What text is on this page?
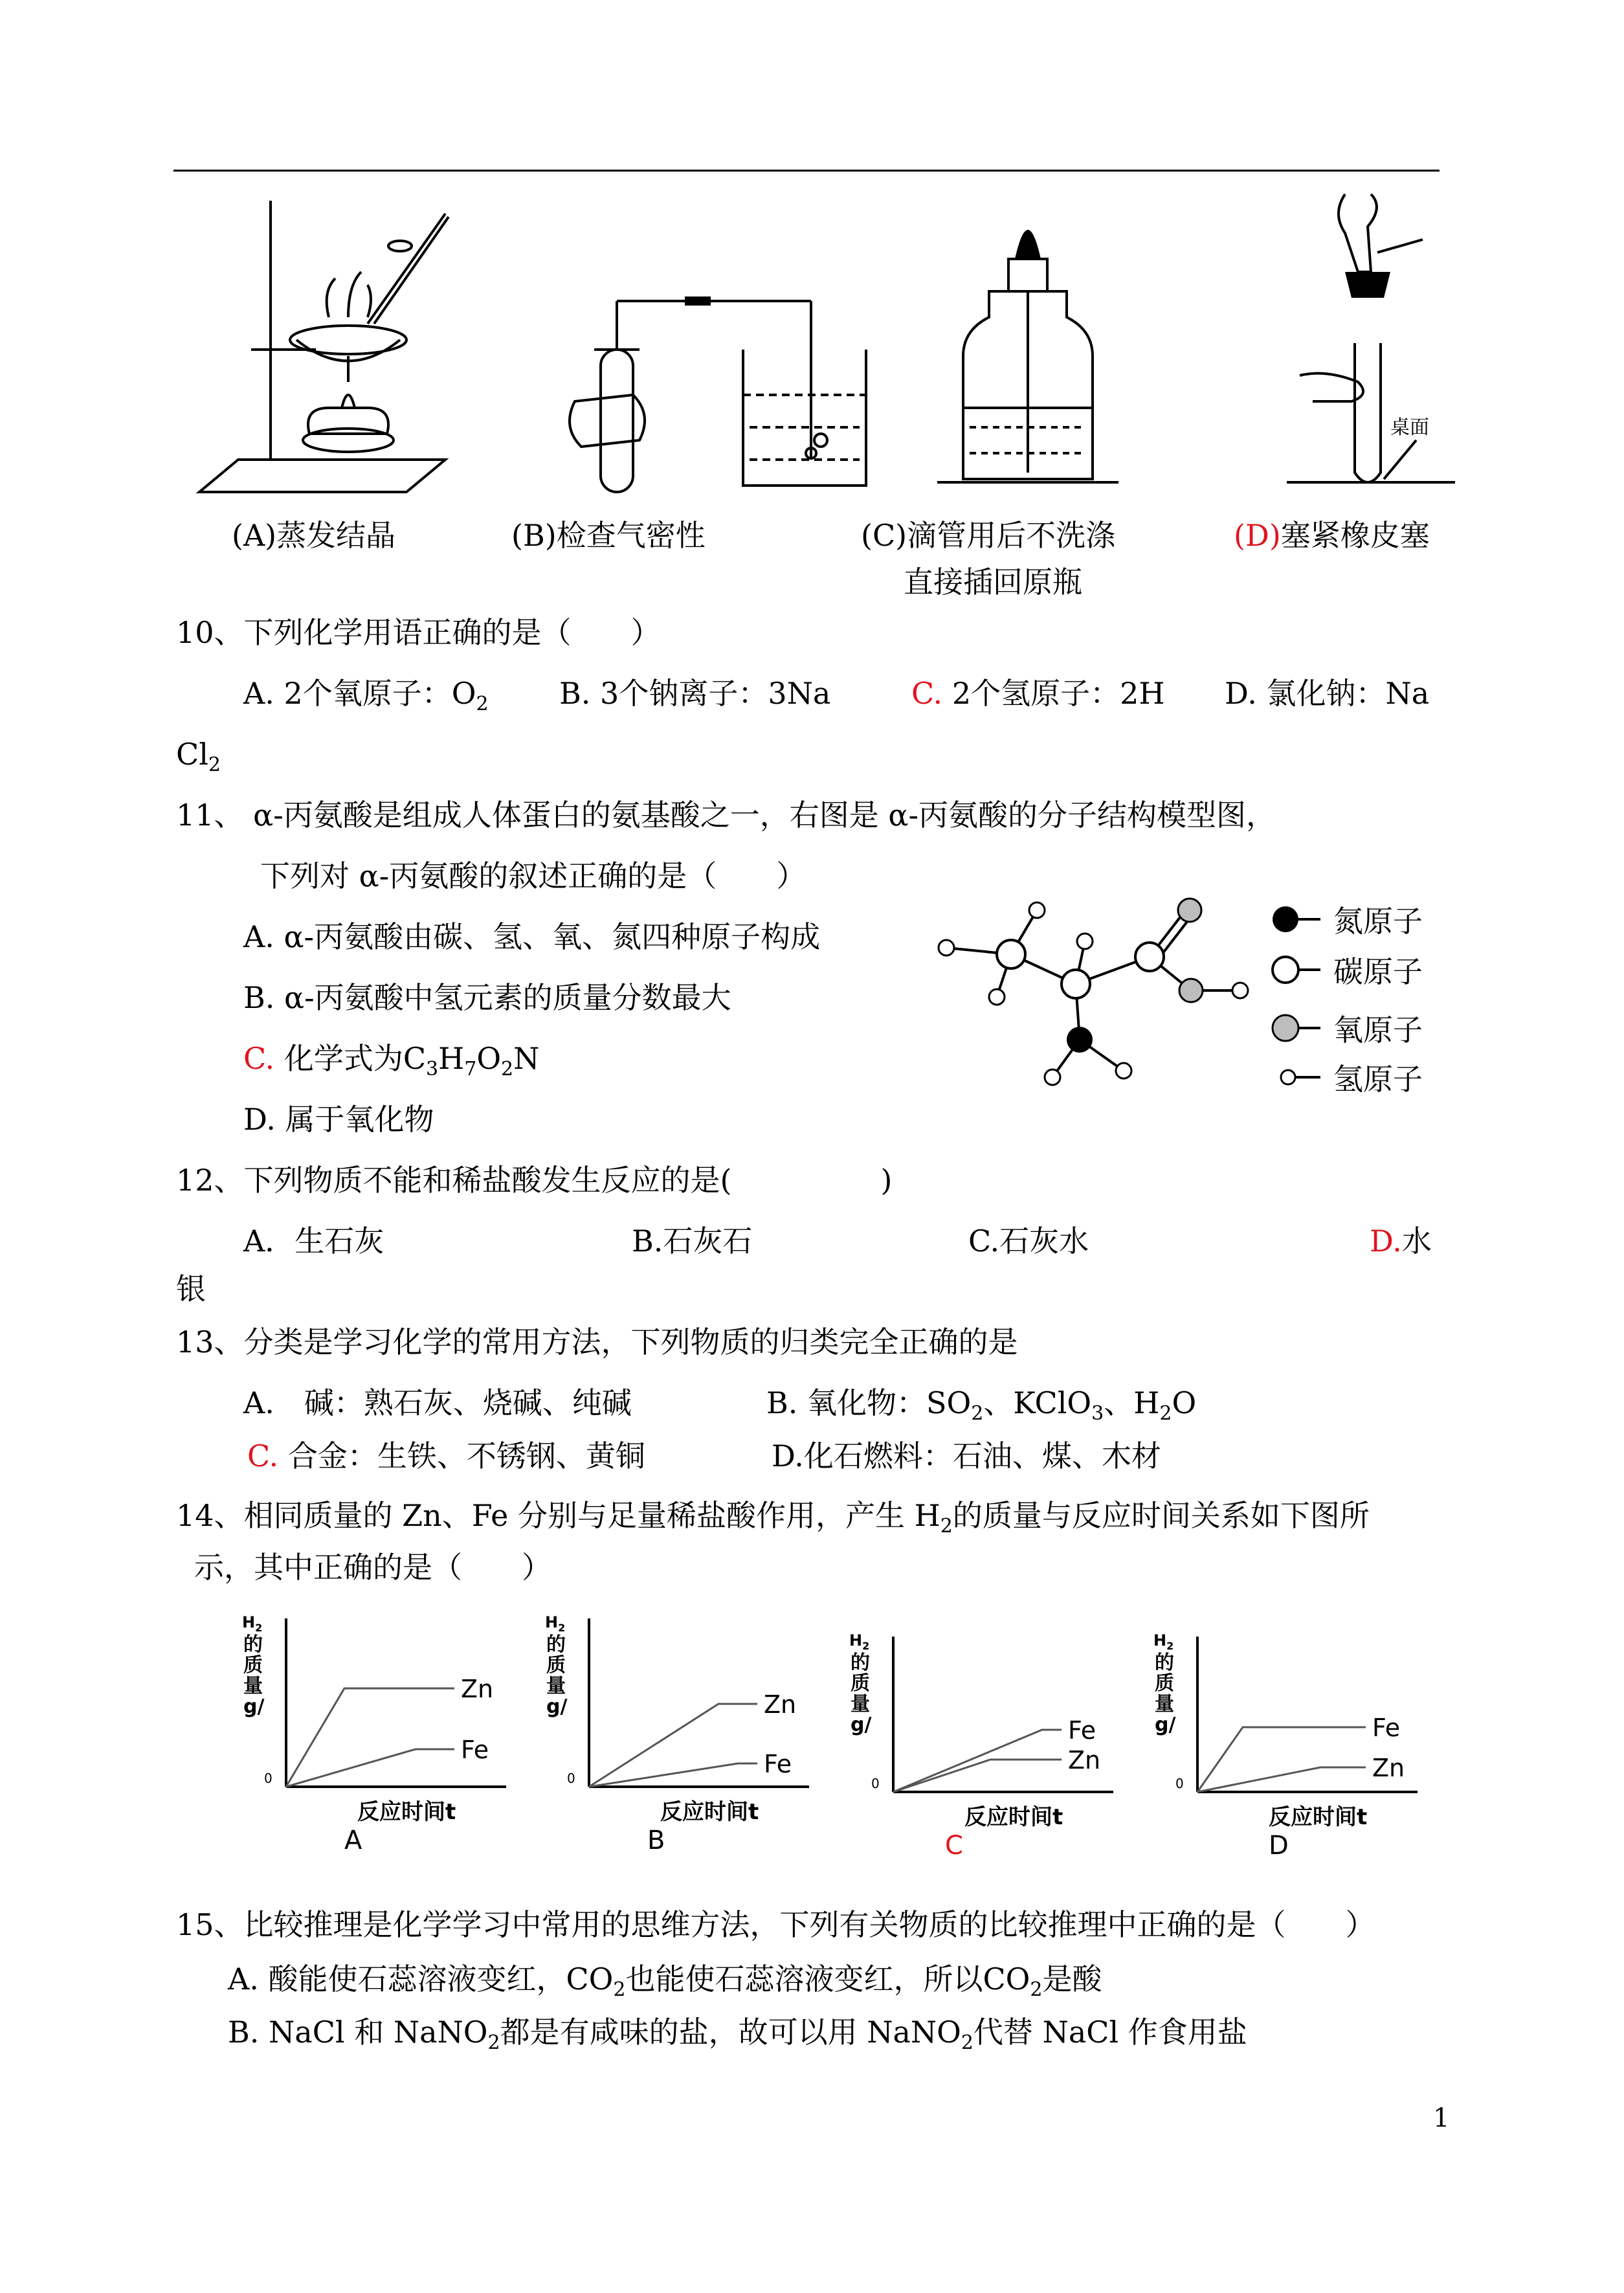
桌面
(A)蒸发结晶	(B)检查气密性	(C)滴管用后不洗涤
直接插回原瓶
(D)塞紧橡皮塞
10、下列化学用语正确的是（　　）
A. 2个氧原子：$O_2$ B. 3个钠离子：3Na	C. 2个氢原子：2H D. 氯化钠：Na
$Cl_2$
11、 α-丙氨酸是组成人体蛋白的氨基酸之一，右图是 α-丙氨酸的分子结构模型图，
下列对 α-丙氨酸的叙述正确的是（　　）
A. α-丙氨酸由碳、氢、氧、氮四种原子构成
B. α-丙氨酸中氢元素的质量分数最大
C. 化学式为$C_3H_7O_2N$
D. 属于氧化物
氮原子
碳原子
氧原子
氢原子
12、下列物质不能和稀盐酸发生反应的是(　　　　　)
A．生石灰	B.石灰石	C.石灰水	D.水
银
13、分类是学习化学的常用方法，下列物质的归类完全正确的是
A.　碱：熟石灰、烧碱、纯碱	B. 氧化物：$SO_2$、KClO$_3$、$H_2O$
C. 合金：生铁、不锈钢、黄铜	D.化石燃料：石油、煤、木材
14、相同质量的 Zn、Fe 分别与足量稀盐酸作用，产生 $H_2$的质量与反应时间关系如下图所
示，其中正确的是（　　）
Zn
Fe
$H_2$
的质量 g/
0
反应时间t
A
Zn
Fe
$H_2$
的质量 g/
0
反应时间t
B
Fe
Zn
$H_2$
的质量 g/
0
反应时间t
C
Fe
Zn
$H_2$
的质量 g/
0
反应时间t
D
15、比较推理是化学学习中常用的思维方法，下列有关物质的比较推理中正确的是（　　）
A. 酸能使石蕊溶液变红，$CO_2$也能使石蕊溶液变红，所以$CO_2$是酸
B. NaCl 和 NaNO$_2$都是有咸味的盐，故可以用 NaNO$_2$代替 NaCl 作食用盐
1
